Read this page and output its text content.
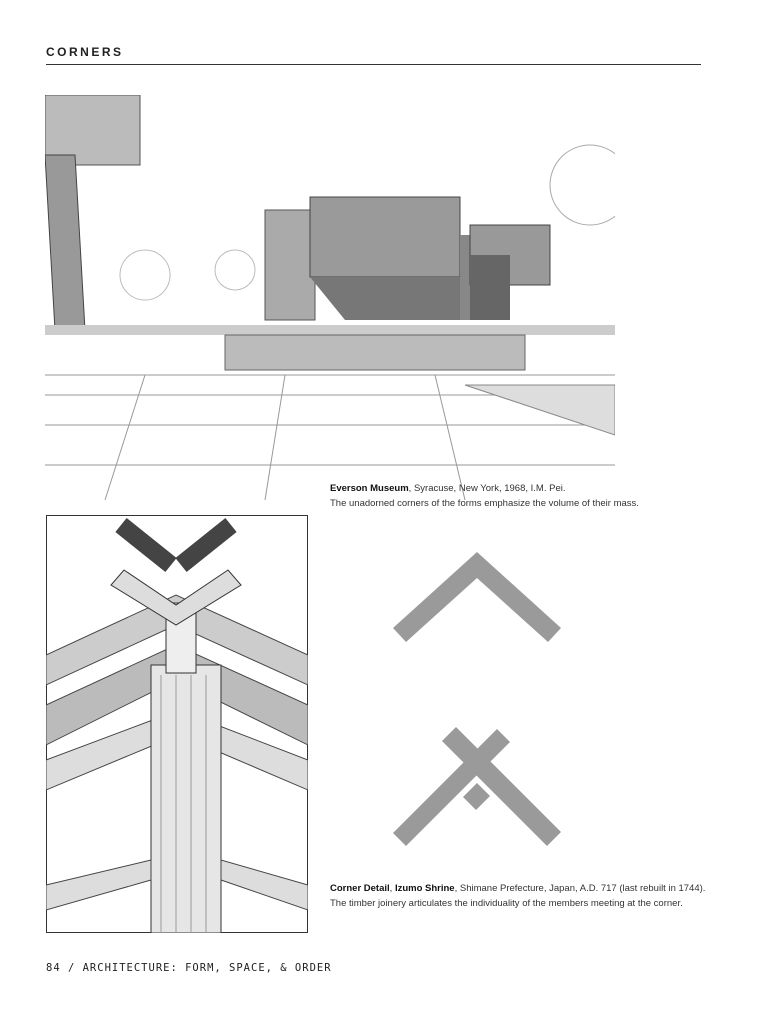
CORNERS
Everson Museum, Syracuse, New York, 1968, I.M. Pei.
The unadorned corners of the forms emphasize the volume of their mass.
Corner Detail, Izumo Shrine, Shimane Prefecture, Japan, A.D. 717 (last rebuilt in 1744).
The timber joinery articulates the individuality of the members meeting at the corner.
84 / ARCHITECTURE: FORM, SPACE, & ORDER
